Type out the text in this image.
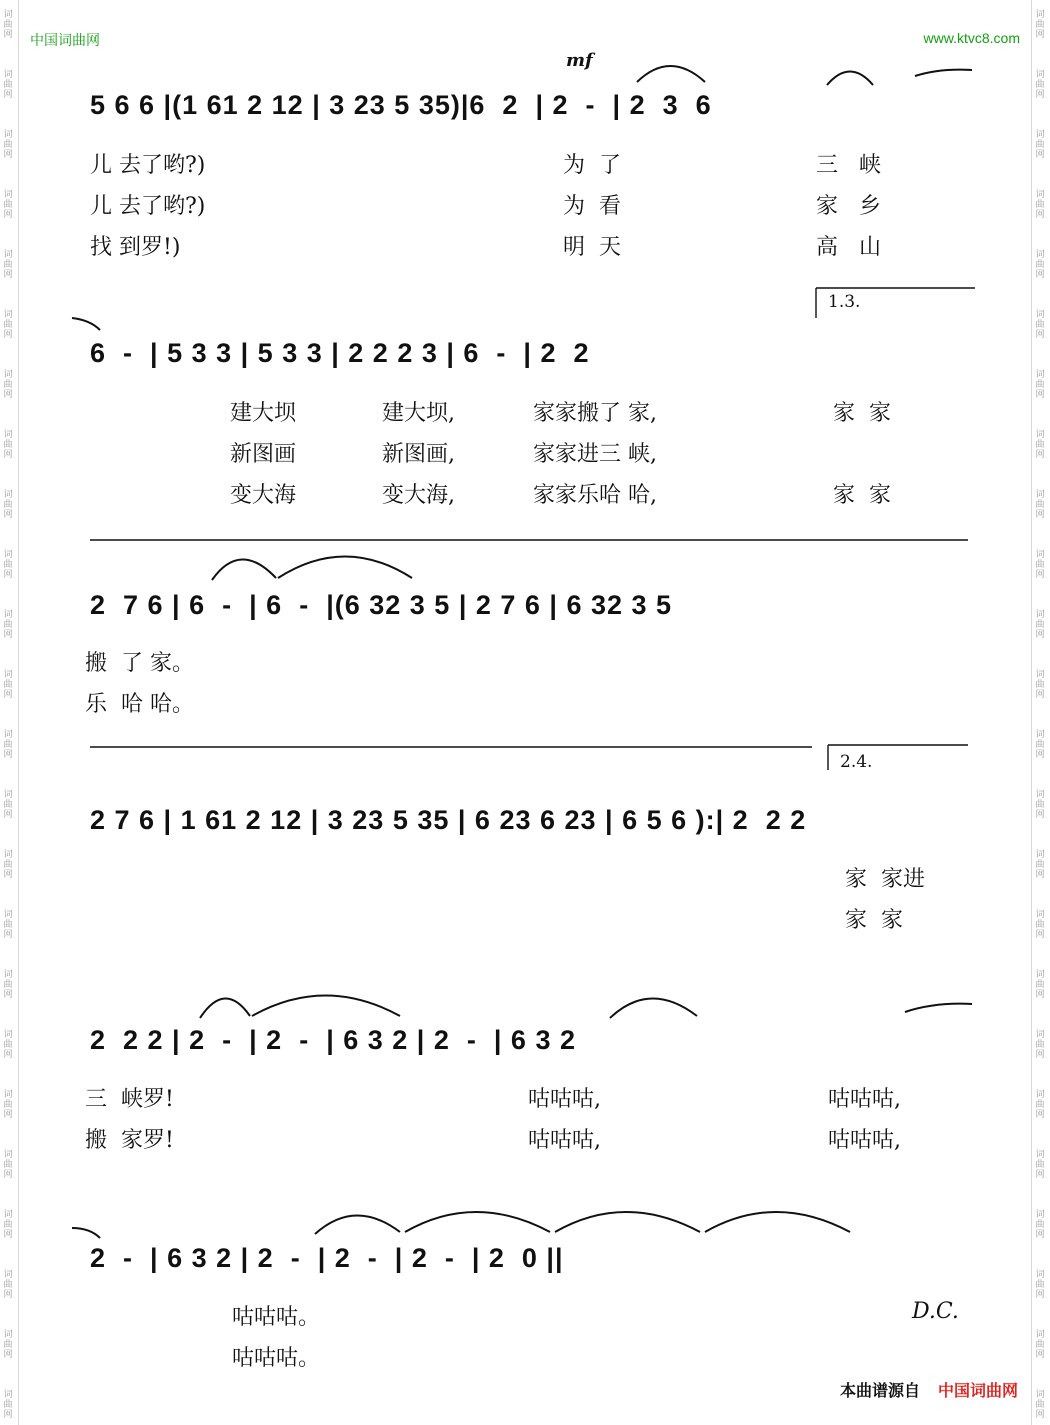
词
曲
网
词
曲
网
词
曲
网
词
曲
网
词
曲
网
词
曲
网
词
曲
网
词
曲
网
词
曲
网
词
曲
网
词
曲
网
词
曲
网
词
曲
网
词
曲
网
词
曲
网
词
曲
网
词
曲
网
词
曲
网
词
曲
网
词
曲
网
词
曲
网
词
曲
网
词
曲
网
词
曲
网
词
曲
网
词
曲
网
词
曲
网
词
曲
网
词
曲
网
词
曲
网
词
曲
网
词
曲
网
词
曲
网
词
曲
网
词
曲
网
词
曲
网
词
曲
网
词
曲
网
词
曲
网
词
曲
网
词
曲
网
词
曲
网
词
曲
网
词
曲
网
词
曲
网
词
曲
网
词
曲
网
词
曲
网
中国词曲网	www.ktvc8.com
mf
5 6 6 |(1 61 2 12 | 3 23 5 35)|6  2  | 2  -  | 2  3  6
儿 去了哟?)	为  了	三   峡
儿 去了哟?)	为  看	家   乡
找 到罗!)	明  天	高   山
1.3.
6  -  | 5 3 3 | 5 3 3 | 2 2 2 3 | 6  -  | 2  2
建大坝	建大坝,	家家搬了 家,	家  家
新图画	新图画,	家家进三 峡,
变大海	变大海,	家家乐哈 哈,	家  家
2  7 6 | 6  -  | 6  -  |(6 32 3 5 | 2 7 6 | 6 32 3 5
搬  了 家。
乐  哈 哈。
2.4.
2 7 6 | 1 61 2 12 | 3 23 5 35 | 6 23 6 23 | 6 5 6 ):| 2  2 2
家  家进
家  家
2  2 2 | 2  -  | 2  -  | 6 3 2 | 2  -  | 6 3 2
三  峡罗!	咕咕咕,	咕咕咕,
搬  家罗!	咕咕咕,	咕咕咕,
2  -  | 6 3 2 | 2  -  | 2  -  | 2  -  | 2  0 ||
咕咕咕。
咕咕咕。
D.C.
本曲谱源自 中国词曲网
